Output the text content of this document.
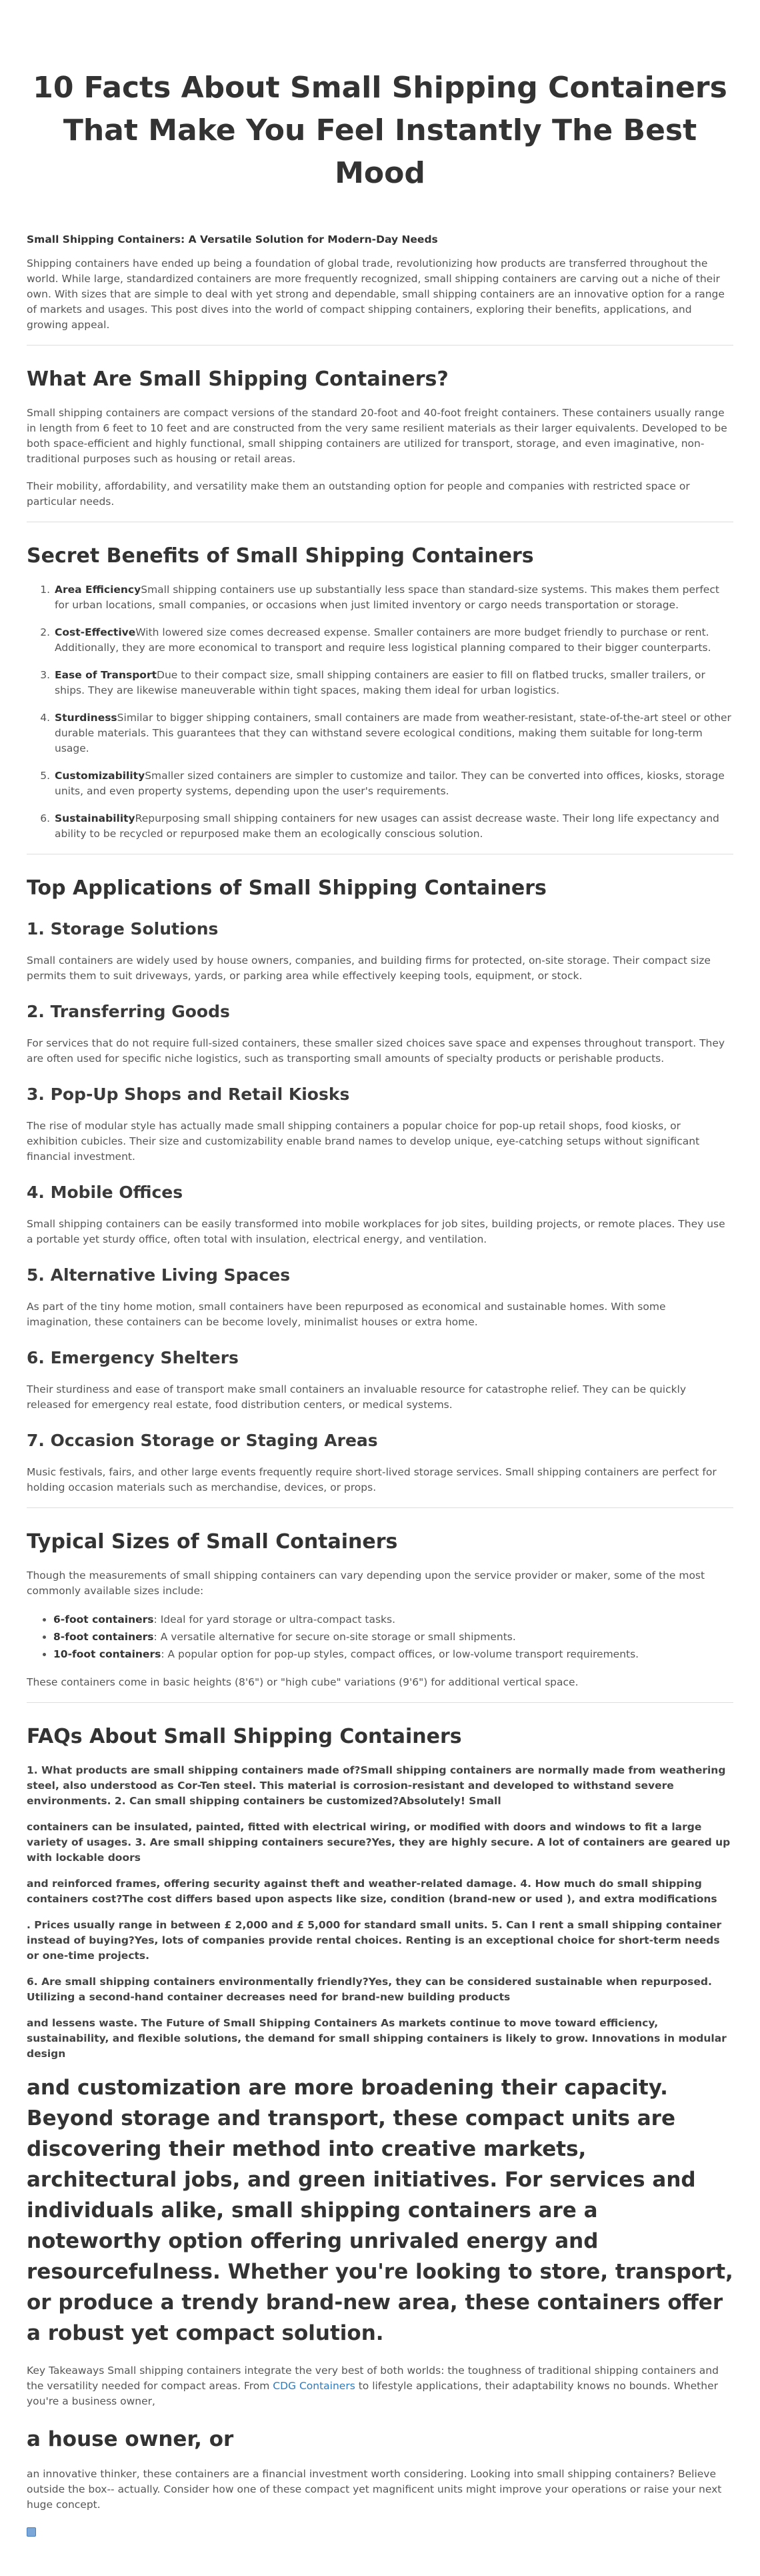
10 Facts About Small Shipping Containers That Make You Feel Instantly The Best Mood
Small Shipping Containers: A Versatile Solution for Modern-Day Needs

Shipping containers have ended up being a foundation of global trade, revolutionizing how products are transferred throughout the world. While large, standardized containers are more frequently recognized, small shipping containers are carving out a niche of their own. With sizes that are simple to deal with yet strong and dependable, small shipping containers are an innovative option for a range of markets and usages. This post dives into the world of compact shipping containers, exploring their benefits, applications, and growing appeal.

What Are Small Shipping Containers?

Small shipping containers are compact versions of the standard 20-foot and 40-foot freight containers. These containers usually range in length from 6 feet to 10 feet and are constructed from the very same resilient materials as their larger equivalents. Developed to be both space-efficient and highly functional, small shipping containers are utilized for transport, storage, and even imaginative, non-traditional purposes such as housing or retail areas.

Their mobility, affordability, and versatility make them an outstanding option for people and companies with restricted space or particular needs.

Secret Benefits of Small Shipping Containers
1. Area EfficiencySmall shipping containers use up substantially less space than standard-size systems. This makes them perfect for urban locations, small companies, or occasions when just limited inventory or cargo needs transportation or storage.
2. Cost-EffectiveWith lowered size comes decreased expense. Smaller containers are more budget friendly to purchase or rent. Additionally, they are more economical to transport and require less logistical planning compared to their bigger counterparts.
3. Ease of TransportDue to their compact size, small shipping containers are easier to fill on flatbed trucks, smaller trailers, or ships. They are likewise maneuverable within tight spaces, making them ideal for urban logistics.
4. SturdinessSimilar to bigger shipping containers, small containers are made from weather-resistant, state-of-the-art steel or other durable materials. This guarantees that they can withstand severe ecological conditions, making them suitable for long-term usage.
5. CustomizabilitySmaller sized containers are simpler to customize and tailor. They can be converted into offices, kiosks, storage units, and even property systems, depending upon the user's requirements.
6. SustainabilityRepurposing small shipping containers for new usages can assist decrease waste. Their long life expectancy and ability to be recycled or repurposed make them an ecologically conscious solution.
Top Applications of Small Shipping Containers
1. Storage Solutions

Small containers are widely used by house owners, companies, and building firms for protected, on-site storage. Their compact size permits them to suit driveways, yards, or parking area while effectively keeping tools, equipment, or stock.

2. Transferring Goods

For services that do not require full-sized containers, these smaller sized choices save space and expenses throughout transport. They are often used for specific niche logistics, such as transporting small amounts of specialty products or perishable products.

3. Pop-Up Shops and Retail Kiosks

The rise of modular style has actually made small shipping containers a popular choice for pop-up retail shops, food kiosks, or exhibition cubicles. Their size and customizability enable brand names to develop unique, eye-catching setups without significant financial investment.

4. Mobile Offices

Small shipping containers can be easily transformed into mobile workplaces for job sites, building projects, or remote places. They use a portable yet sturdy office, often total with insulation, electrical energy, and ventilation.

5. Alternative Living Spaces

As part of the tiny home motion, small containers have been repurposed as economical and sustainable homes. With some imagination, these containers can be become lovely, minimalist houses or extra home.

6. Emergency Shelters

Their sturdiness and ease of transport make small containers an invaluable resource for catastrophe relief. They can be quickly released for emergency real estate, food distribution centers, or medical systems.

7. Occasion Storage or Staging Areas

Music festivals, fairs, and other large events frequently require short-lived storage services. Small shipping containers are perfect for holding occasion materials such as merchandise, devices, or props.

Typical Sizes of Small Containers

Though the measurements of small shipping containers can vary depending upon the service provider or maker, some of the most commonly available sizes include:

• 6-foot containers: Ideal for yard storage or ultra-compact tasks.
• 8-foot containers: A versatile alternative for secure on-site storage or small shipments.
• 10-foot containers: A popular option for pop-up styles, compact offices, or low-volume transport requirements.

These containers come in basic heights (8'6") or "high cube" variations (9'6") for additional vertical space.

FAQs About Small Shipping Containers
1. What products are small shipping containers made of?Small shipping containers are normally made from weathering steel, also understood as Cor-Ten steel. This material is corrosion-resistant and developed to withstand severe environments. 2. Can small shipping containers be customized?Absolutely! Small
containers can be insulated, painted, fitted with electrical wiring, or modified with doors and windows to fit a large variety of usages. 3. Are small shipping containers secure?Yes, they are highly secure. A lot of containers are geared up with lockable doors
and reinforced frames, offering security against theft and weather-related damage. 4. How much do small shipping containers cost?The cost differs based upon aspects like size, condition (brand-new or used ), and extra modifications
. Prices usually range in between £ 2,000 and £ 5,000 for standard small units. 5. Can I rent a small shipping container instead of buying?Yes, lots of companies provide rental choices. Renting is an exceptional choice for short-term needs or one-time projects.
6. Are small shipping containers environmentally friendly?Yes, they can be considered sustainable when repurposed. Utilizing a second-hand container decreases need for brand-new building products
and lessens waste. The Future of Small Shipping Containers As markets continue to move toward efficiency, sustainability, and flexible solutions, the demand for small shipping containers is likely to grow. Innovations in modular design
and customization are more broadening their capacity. Beyond storage and transport, these compact units are discovering their method into creative markets, architectural jobs, and green initiatives. For services and individuals alike, small shipping containers are a noteworthy option offering unrivaled energy and resourcefulness. Whether you're looking to store, transport, or produce a trendy brand-new area, these containers offer a robust yet compact solution.

Key Takeaways Small shipping containers integrate the very best of both worlds: the toughness of traditional shipping containers and the versatility needed for compact areas. From CDG Containers to lifestyle applications, their adaptability knows no bounds. Whether you're a business owner,

a house owner, or

an innovative thinker, these containers are a financial investment worth considering. Looking into small shipping containers? Believe outside the box-- actually. Consider how one of these compact yet magnificent units might improve your operations or raise your next huge concept.
